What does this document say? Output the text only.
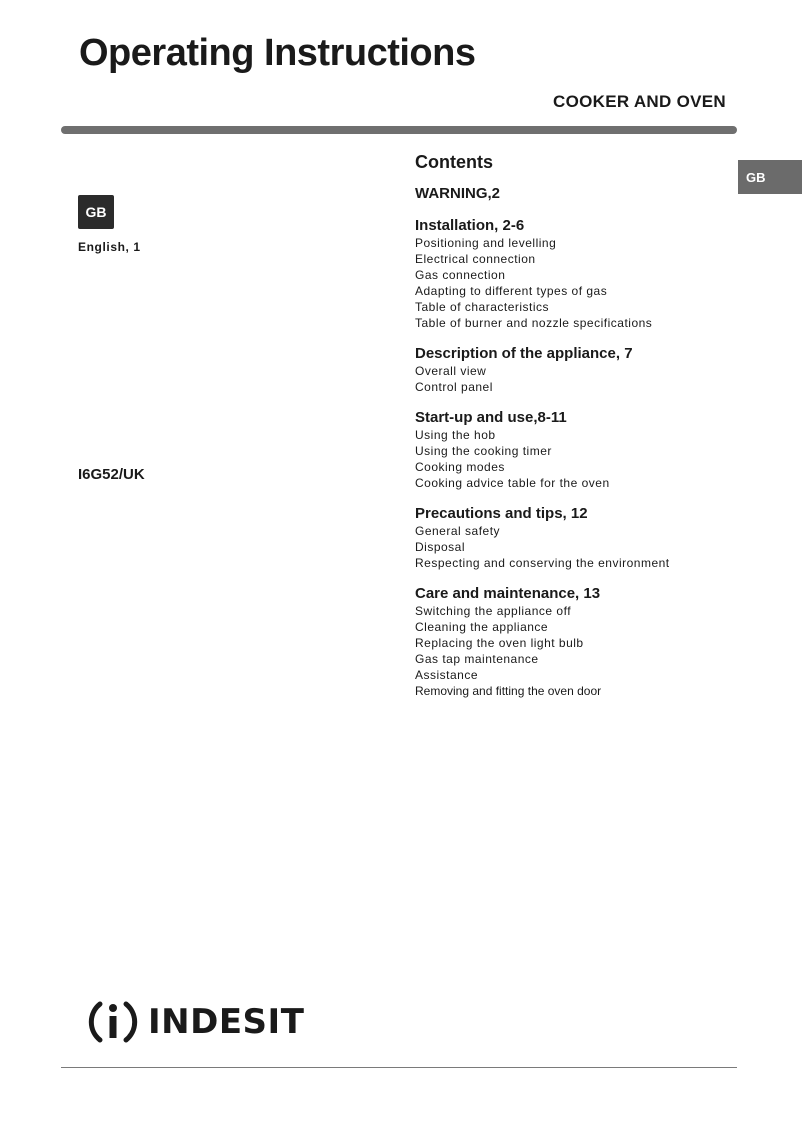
Operating Instructions
COOKER AND OVEN
GB
GB
English, 1
I6G52/UK
Contents
WARNING,2
Installation, 2-6
Positioning and levelling
Electrical connection
Gas connection
Adapting to different types of gas
Table of characteristics
Table of burner and nozzle specifications
Description of the appliance, 7
Overall view
Control panel
Start-up and use,8-11
Using the hob
Using the cooking timer
Cooking modes
Cooking advice table for the oven
Precautions and tips, 12
General safety
Disposal
Respecting and conserving the environment
Care and maintenance, 13
Switching the appliance off
Cleaning the appliance
Replacing the oven light bulb
Gas tap maintenance
Assistance
Removing and fitting the oven door
INDESIT
